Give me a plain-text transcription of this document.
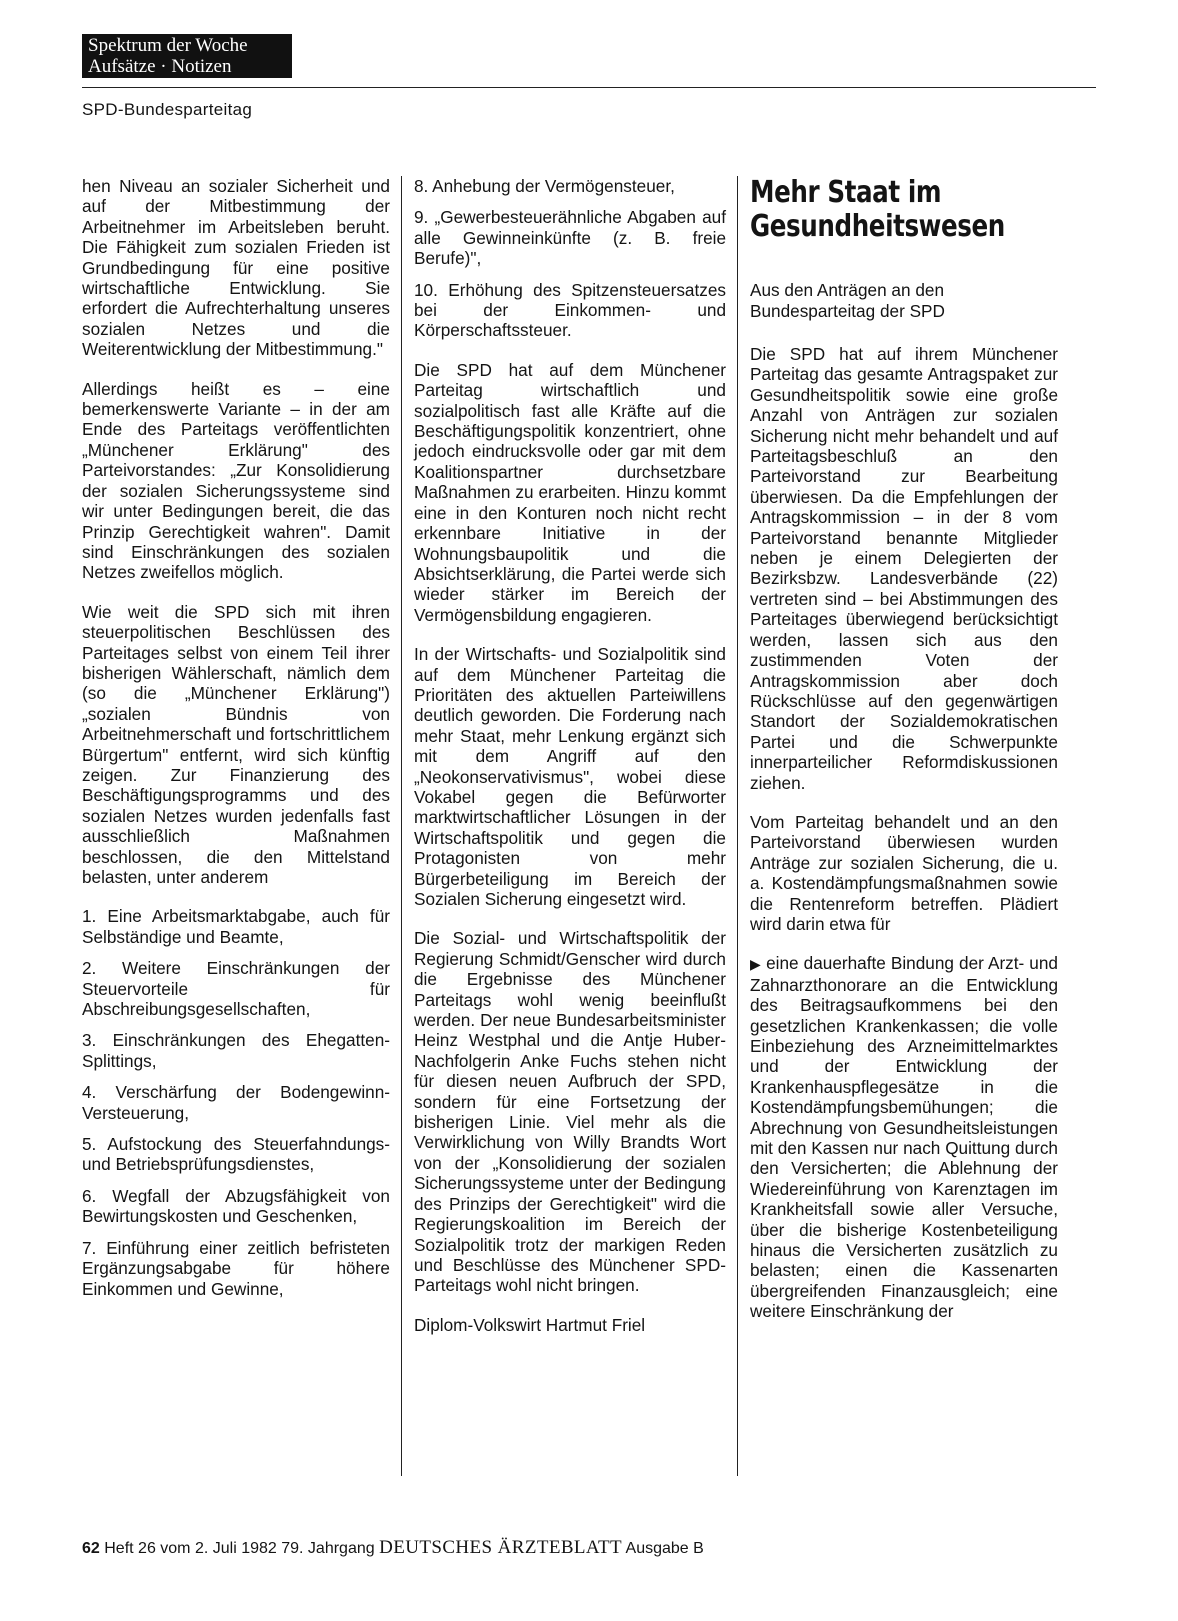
Spektrum der Woche
Aufsätze · Notizen
SPD-Bundesparteitag

hen Niveau an sozialer Sicherheit und auf der Mitbestimmung der Arbeitnehmer im Arbeitsleben beruht. Die Fähigkeit zum sozialen Frieden ist Grundbedingung für eine positive wirtschaftliche Entwicklung. Sie erfordert die Aufrechterhaltung unseres sozialen Netzes und die Weiterentwicklung der Mitbestimmung."

Allerdings heißt es – eine bemerkenswerte Variante – in der am Ende des Parteitags veröffentlichten „Münchener Erklärung" des Parteivorstandes: „Zur Konsolidierung der sozialen Sicherungssysteme sind wir unter Bedingungen bereit, die das Prinzip Gerechtigkeit wahren". Damit sind Einschränkungen des sozialen Netzes zweifellos möglich.

Wie weit die SPD sich mit ihren steuerpolitischen Beschlüssen des Parteitages selbst von einem Teil ihrer bisherigen Wählerschaft, nämlich dem (so die „Münchener Erklärung") „sozialen Bündnis von Arbeitnehmerschaft und fortschrittlichem Bürgertum" entfernt, wird sich künftig zeigen. Zur Finanzierung des Beschäftigungsprogramms und des sozialen Netzes wurden jedenfalls fast ausschließlich Maßnahmen beschlossen, die den Mittelstand belasten, unter anderem

1. Eine Arbeitsmarktabgabe, auch für Selbständige und Beamte,

2. Weitere Einschränkungen der Steuervorteile für Abschreibungsgesellschaften,

3. Einschränkungen des Ehegatten-Splittings,

4. Verschärfung der Bodengewinn-Versteuerung,

5. Aufstockung des Steuerfahndungs- und Betriebsprüfungsdienstes,

6. Wegfall der Abzugsfähigkeit von Bewirtungskosten und Geschenken,

7. Einführung einer zeitlich befristeten Ergänzungsabgabe für höhere Einkommen und Gewinne,

8. Anhebung der Vermögensteuer,

9. „Gewerbesteuerähnliche Abgaben auf alle Gewinneinkünfte (z. B. freie Berufe)",

10. Erhöhung des Spitzensteuersatzes bei der Einkommen- und Körperschaftssteuer.

Die SPD hat auf dem Münchener Parteitag wirtschaftlich und sozialpolitisch fast alle Kräfte auf die Beschäftigungspolitik konzentriert, ohne jedoch eindrucksvolle oder gar mit dem Koalitionspartner durchsetzbare Maßnahmen zu erarbeiten. Hinzu kommt eine in den Konturen noch nicht recht erkennbare Initiative in der Wohnungsbaupolitik und die Absichtserklärung, die Partei werde sich wieder stärker im Bereich der Vermögensbildung engagieren.

In der Wirtschafts- und Sozialpolitik sind auf dem Münchener Parteitag die Prioritäten des aktuellen Parteiwillens deutlich geworden. Die Forderung nach mehr Staat, mehr Lenkung ergänzt sich mit dem Angriff auf den „Neokonservativismus", wobei diese Vokabel gegen die Befürworter marktwirtschaftlicher Lösungen in der Wirtschaftspolitik und gegen die Protagonisten von mehr Bürgerbeteiligung im Bereich der Sozialen Sicherung eingesetzt wird.

Die Sozial- und Wirtschaftspolitik der Regierung Schmidt/Genscher wird durch die Ergebnisse des Münchener Parteitags wohl wenig beeinflußt werden. Der neue Bundesarbeitsminister Heinz Westphal und die Antje Huber-Nachfolgerin Anke Fuchs stehen nicht für diesen neuen Aufbruch der SPD, sondern für eine Fortsetzung der bisherigen Linie. Viel mehr als die Verwirklichung von Willy Brandts Wort von der „Konsolidierung der sozialen Sicherungssysteme unter der Bedingung des Prinzips der Gerechtigkeit" wird die Regierungskoalition im Bereich der Sozialpolitik trotz der markigen Reden und Beschlüsse des Münchener SPD-Parteitags wohl nicht bringen.

Diplom-Volkswirt Hartmut Friel

Mehr Staat im Gesundheitswesen
Aus den Anträgen an den Bundesparteitag der SPD

Die SPD hat auf ihrem Münchener Parteitag das gesamte Antragspaket zur Gesundheitspolitik sowie eine große Anzahl von Anträgen zur sozialen Sicherung nicht mehr behandelt und auf Parteitagsbeschluß an den Parteivorstand zur Bearbeitung überwiesen. Da die Empfehlungen der Antragskommission – in der 8 vom Parteivorstand benannte Mitglieder neben je einem Delegierten der Bezirksbzw. Landesverbände (22) vertreten sind – bei Abstimmungen des Parteitages überwiegend berücksichtigt werden, lassen sich aus den zustimmenden Voten der Antragskommission aber doch Rückschlüsse auf den gegenwärtigen Standort der Sozialdemokratischen Partei und die Schwerpunkte innerparteilicher Reformdiskussionen ziehen.

Vom Parteitag behandelt und an den Parteivorstand überwiesen wurden Anträge zur sozialen Sicherung, die u. a. Kostendämpfungsmaßnahmen sowie die Rentenreform betreffen. Plädiert wird darin etwa für

▶ eine dauerhafte Bindung der Arzt- und Zahnarzthonorare an die Entwicklung des Beitragsaufkommens bei den gesetzlichen Krankenkassen; die volle Einbeziehung des Arzneimittelmarktes und der Entwicklung der Krankenhauspflegesätze in die Kostendämpfungsbemühungen; die Abrechnung von Gesundheitsleistungen mit den Kassen nur nach Quittung durch den Versicherten; die Ablehnung der Wiedereinführung von Karenztagen im Krankheitsfall sowie aller Versuche, über die bisherige Kostenbeteiligung hinaus die Versicherten zusätzlich zu belasten; einen die Kassenarten übergreifenden Finanzausgleich; eine weitere Einschränkung der

62 Heft 26 vom 2. Juli 1982 79. Jahrgang DEUTSCHES ÄRZTEBLATT Ausgabe B
